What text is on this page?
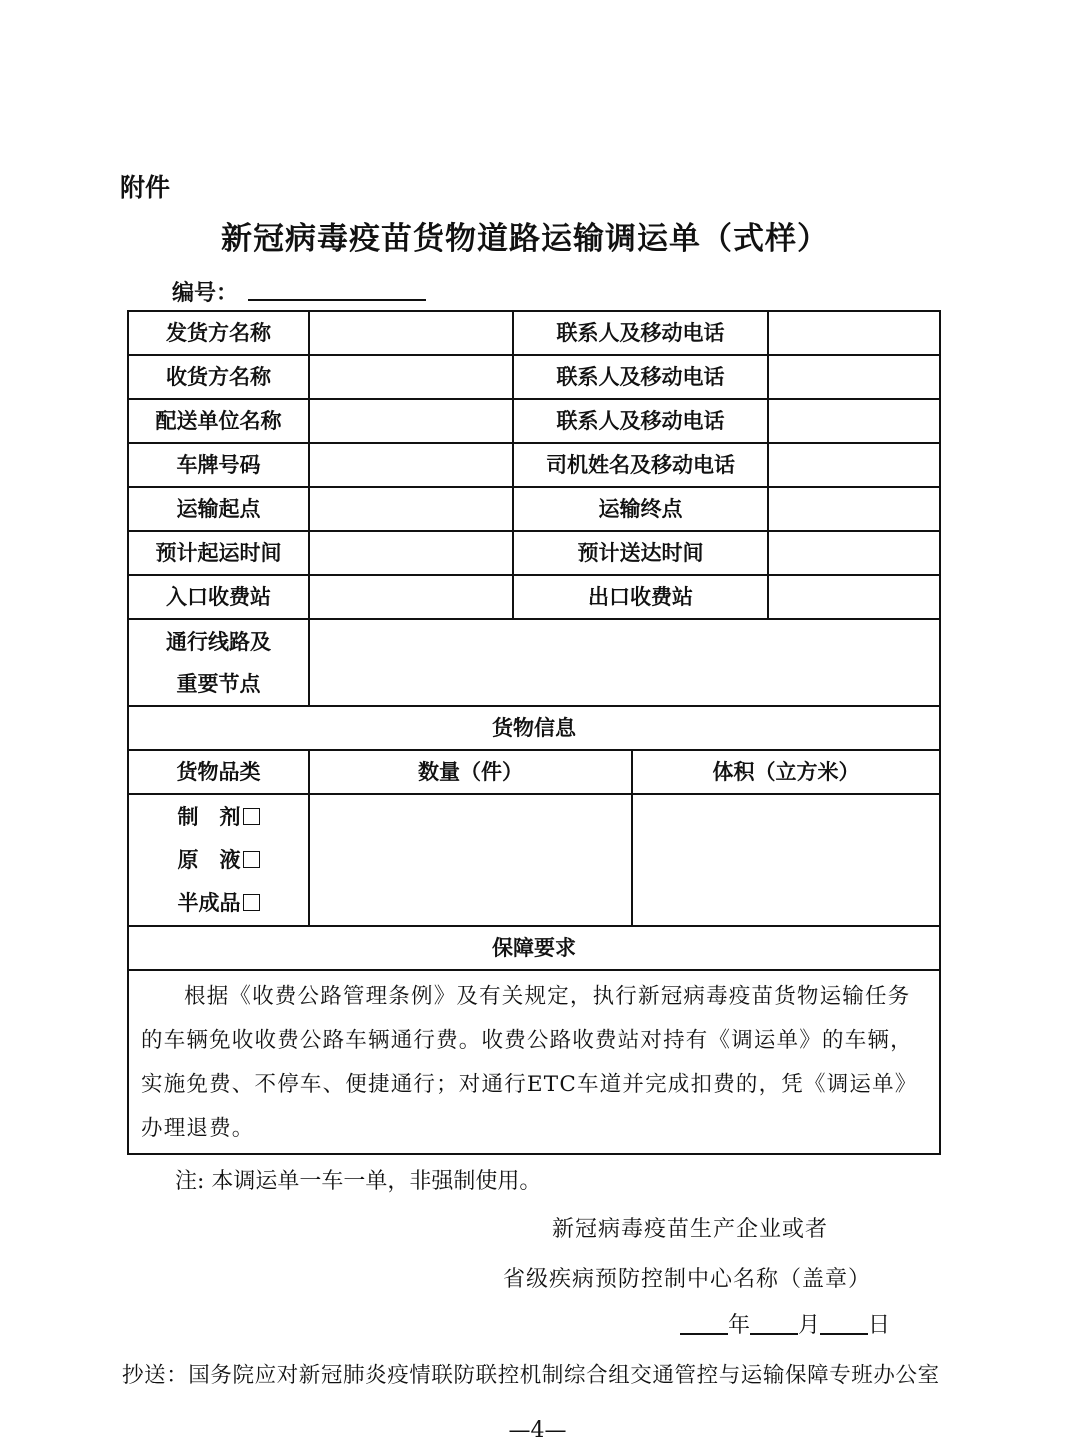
附件
新冠病毒疫苗货物道路运输调运单（式样）
编号：
发货方名称		联系人及移动电话		
收货方名称		联系人及移动电话		
配送单位名称		联系人及移动电话		
车牌号码		司机姓名及移动电话		
运输起点		运输终点		
预计起运时间		预计送达时间		
入口收费站		出口收费站		

通行线路及
重要节点				

货物信息				
货物品类	数量（件）		体积（立方米）	

制　剂
原　液
半成品				

保障要求				
根据《收费公路管理条例》及有关规定，执行新冠病毒疫苗货物运输任务的车辆免收收费公路车辆通行费。收费公路收费站对持有《调运单》的车辆，实施免费、不停车、便捷通行；对通行ETC车道并完成扣费的，凭《调运单》办理退费。				
注: 本调运单一车一单，非强制使用。
新冠病毒疫苗生产企业或者
省级疾病预防控制中心名称（盖章）
年 月 日
抄送：国务院应对新冠肺炎疫情联防联控机制综合组交通管控与运输保障专班办公室
—4—
